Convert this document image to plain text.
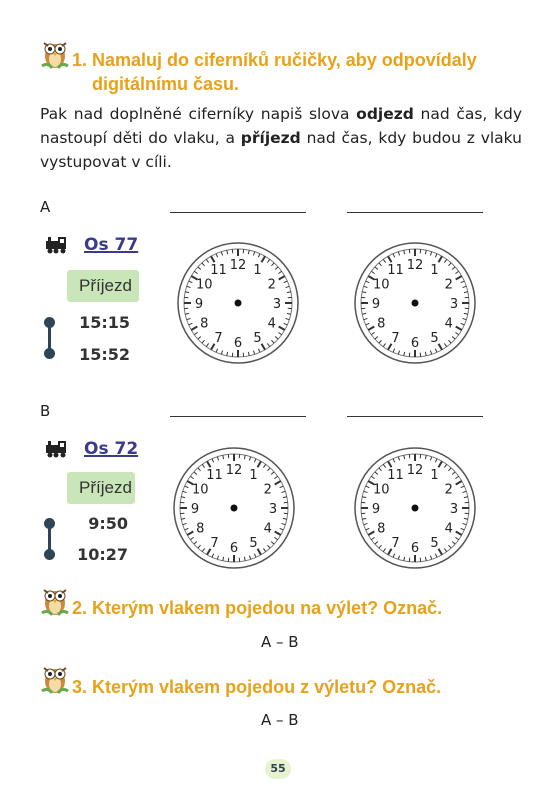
1. Namaluj do ciferníků ručičky, aby odpovídaly
digitálnímu času.
Pak nad doplněné ciferníky napiš slova odjezd nad čas, kdy nastoupí děti do vlaku, a příjezd nad čas, kdy budou z vlaku vystupovat v cíli.
A
Os 77
Příjezd
15:15
15:52
12 1
2
3
4
5
6
7
8
9
10
11	12 1
2
3
4
5
6
7
8
9
10
11
B
Os 72
Příjezd
9:50
10:27
12 1
2
3
4
5
6
7
8
9
10
11	12 1
2
3
4
5
6
7
8
9
10
11
2. Kterým vlakem pojedou na výlet? Označ.
A – B
3. Kterým vlakem pojedou z výletu? Označ.
A – B
55
